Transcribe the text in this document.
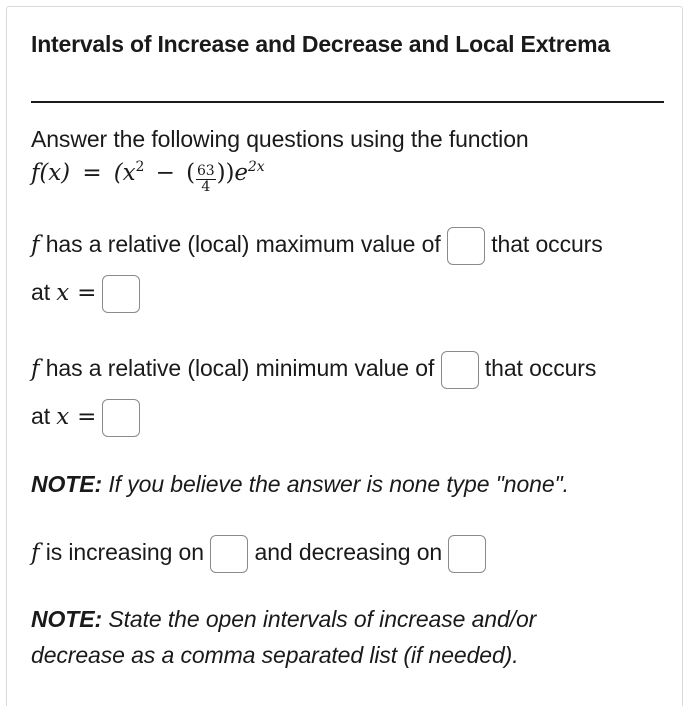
Intervals of Increase and Decrease and Local Extrema
Answer the following questions using the function
$f(x) = (x^2$ − ( $\frac{63}{4} ))e^{2x}$
f has a relative (local) maximum value of that occurs
at x =
f has a relative (local) minimum value of that occurs
at x =
NOTE: If you believe the answer is none type "none".
f is increasing on and decreasing on
NOTE: State the open intervals of increase and/or
decrease as a comma separated list (if needed).
